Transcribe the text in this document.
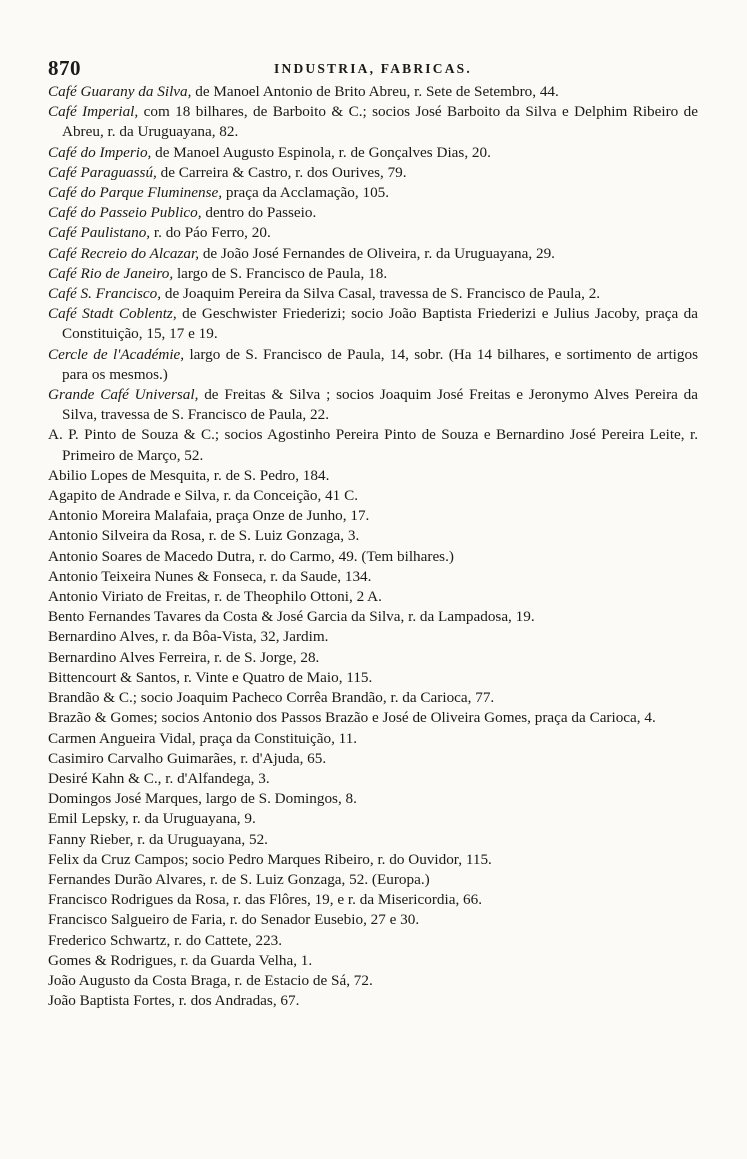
870	INDUSTRIA, FABRICAS.

Café Guarany da Silva, de Manoel Antonio de Brito Abreu, r. Sete de Setembro, 44.

Café Imperial, com 18 bilhares, de Barboito & C.; socios José Barboito da Silva e Delphim Ribeiro de Abreu, r. da Uruguayana, 82.

Café do Imperio, de Manoel Augusto Espinola, r. de Gonçalves Dias, 20.

Café Paraguassú, de Carreira & Castro, r. dos Ourives, 79.

Café do Parque Fluminense, praça da Acclamação, 105.

Café do Passeio Publico, dentro do Passeio.

Café Paulistano, r. do Páo Ferro, 20.

Café Recreio do Alcazar, de João José Fernandes de Oliveira, r. da Uruguayana, 29.

Café Rio de Janeiro, largo de S. Francisco de Paula, 18.

Café S. Francisco, de Joaquim Pereira da Silva Casal, travessa de S. Francisco de Paula, 2.

Café Stadt Coblentz, de Geschwister Friederizi; socio João Baptista Friederizi e Julius Jacoby, praça da Constituição, 15, 17 e 19.

Cercle de l'Académie, largo de S. Francisco de Paula, 14, sobr. (Ha 14 bilhares, e sortimento de artigos para os mesmos.)

Grande Café Universal, de Freitas & Silva ; socios Joaquim José Freitas e Jeronymo Alves Pereira da Silva, travessa de S. Francisco de Paula, 22.

A. P. Pinto de Souza & C.; socios Agostinho Pereira Pinto de Souza e Bernardino José Pereira Leite, r. Primeiro de Março, 52.

Abilio Lopes de Mesquita, r. de S. Pedro, 184.

Agapito de Andrade e Silva, r. da Conceição, 41 C.

Antonio Moreira Malafaia, praça Onze de Junho, 17.

Antonio Silveira da Rosa, r. de S. Luiz Gonzaga, 3.

Antonio Soares de Macedo Dutra, r. do Carmo, 49. (Tem bilhares.)

Antonio Teixeira Nunes & Fonseca, r. da Saude, 134.

Antonio Viriato de Freitas, r. de Theophilo Ottoni, 2 A.

Bento Fernandes Tavares da Costa & José Garcia da Silva, r. da Lampadosa, 19.

Bernardino Alves, r. da Bôa-Vista, 32, Jardim.

Bernardino Alves Ferreira, r. de S. Jorge, 28.

Bittencourt & Santos, r. Vinte e Quatro de Maio, 115.

Brandão & C.; socio Joaquim Pacheco Corrêa Brandão, r. da Carioca, 77.

Brazão & Gomes; socios Antonio dos Passos Brazão e José de Oliveira Gomes, praça da Carioca, 4.

Carmen Angueira Vidal, praça da Constituição, 11.

Casimiro Carvalho Guimarães, r. d'Ajuda, 65.

Desiré Kahn & C., r. d'Alfandega, 3.

Domingos José Marques, largo de S. Domingos, 8.

Emil Lepsky, r. da Uruguayana, 9.

Fanny Rieber, r. da Uruguayana, 52.

Felix da Cruz Campos; socio Pedro Marques Ribeiro, r. do Ouvidor, 115.

Fernandes Durão Alvares, r. de S. Luiz Gonzaga, 52. (Europa.)

Francisco Rodrigues da Rosa, r. das Flôres, 19, e r. da Misericordia, 66.

Francisco Salgueiro de Faria, r. do Senador Eusebio, 27 e 30.

Frederico Schwartz, r. do Cattete, 223.

Gomes & Rodrigues, r. da Guarda Velha, 1.

João Augusto da Costa Braga, r. de Estacio de Sá, 72.

João Baptista Fortes, r. dos Andradas, 67.
